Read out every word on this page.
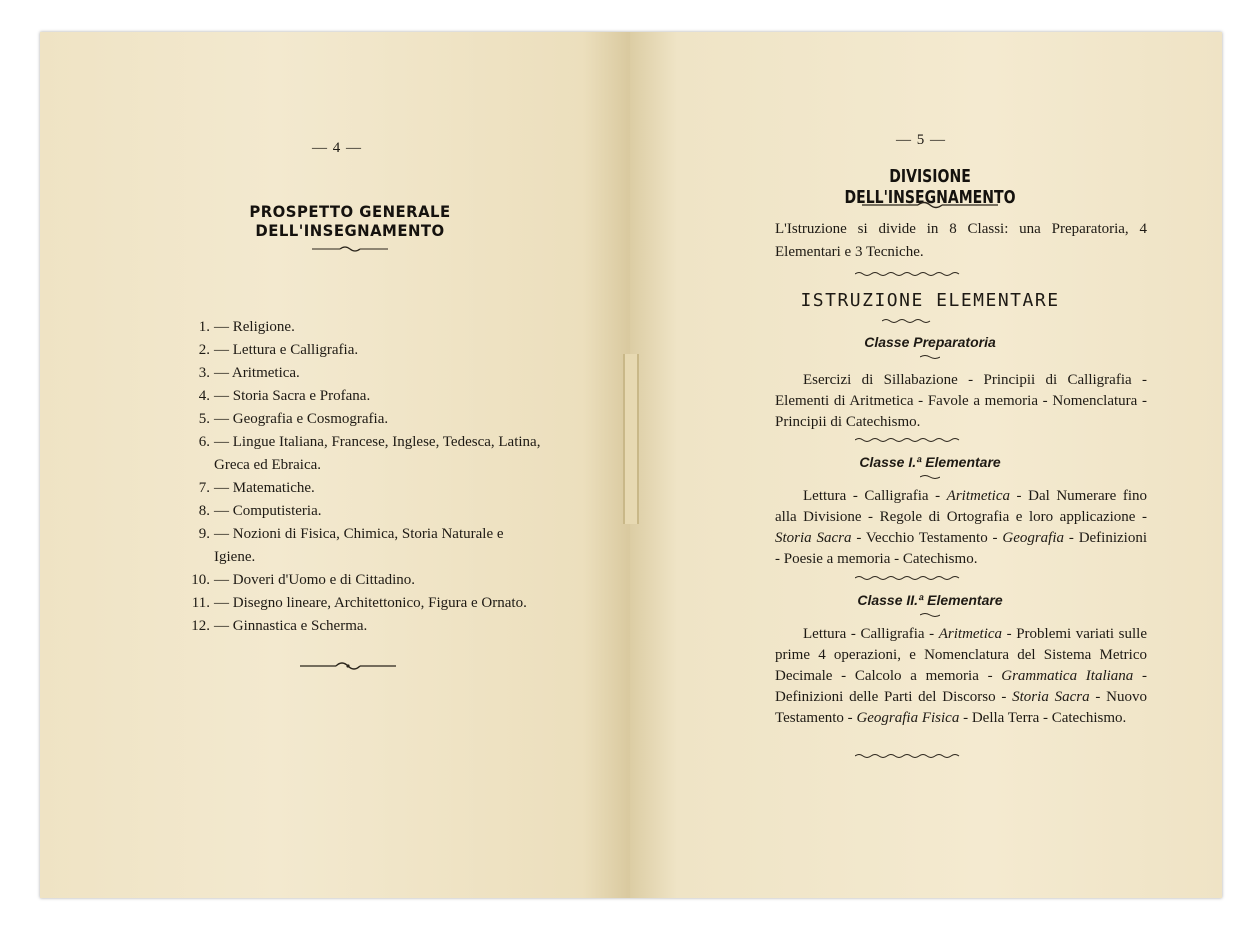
— 4 —
PROSPETTO GENERALE DELL'INSEGNAMENTO
1. — Religione.
2. — Lettura e Calligrafia.
3. — Aritmetica.
4. — Storia Sacra e Profana.
5. — Geografia e Cosmografia.
6. — Lingue Italiana, Francese, Inglese, Tedesca, Latina, Greca ed Ebraica.
7. — Matematiche.
8. — Computisteria.
9. — Nozioni di Fisica, Chimica, Storia Naturale e Igiene.
10. — Doveri d'Uomo e di Cittadino.
11. — Disegno lineare, Architettonico, Figura e Ornato.
12. — Ginnastica e Scherma.
— 5 —
DIVISIONE DELL'INSEGNAMENTO
L'Istruzione si divide in 8 Classi: una Preparatoria, 4 Elementari e 3 Tecniche.
ISTRUZIONE ELEMENTARE
Classe Preparatoria
Esercizi di Sillabazione - Principii di Calligrafia - Elementi di Aritmetica - Favole a memoria - Nomenclatura - Principii di Catechismo.
Classe I.ª Elementare
Lettura - Calligrafia - Aritmetica - Dal Numerare fino alla Divisione - Regole di Ortografia e loro applicazione - Storia Sacra - Vecchio Testamento - Geografia - Definizioni - Poesie a memoria - Catechismo.
Classe II.ª Elementare
Lettura - Calligrafia - Aritmetica - Problemi variati sulle prime 4 operazioni, e Nomenclatura del Sistema Metrico Decimale - Calcolo a memoria - Grammatica Italiana - Definizioni delle Parti del Discorso - Storia Sacra - Nuovo Testamento - Geografia Fisica - Della Terra - Catechismo.
